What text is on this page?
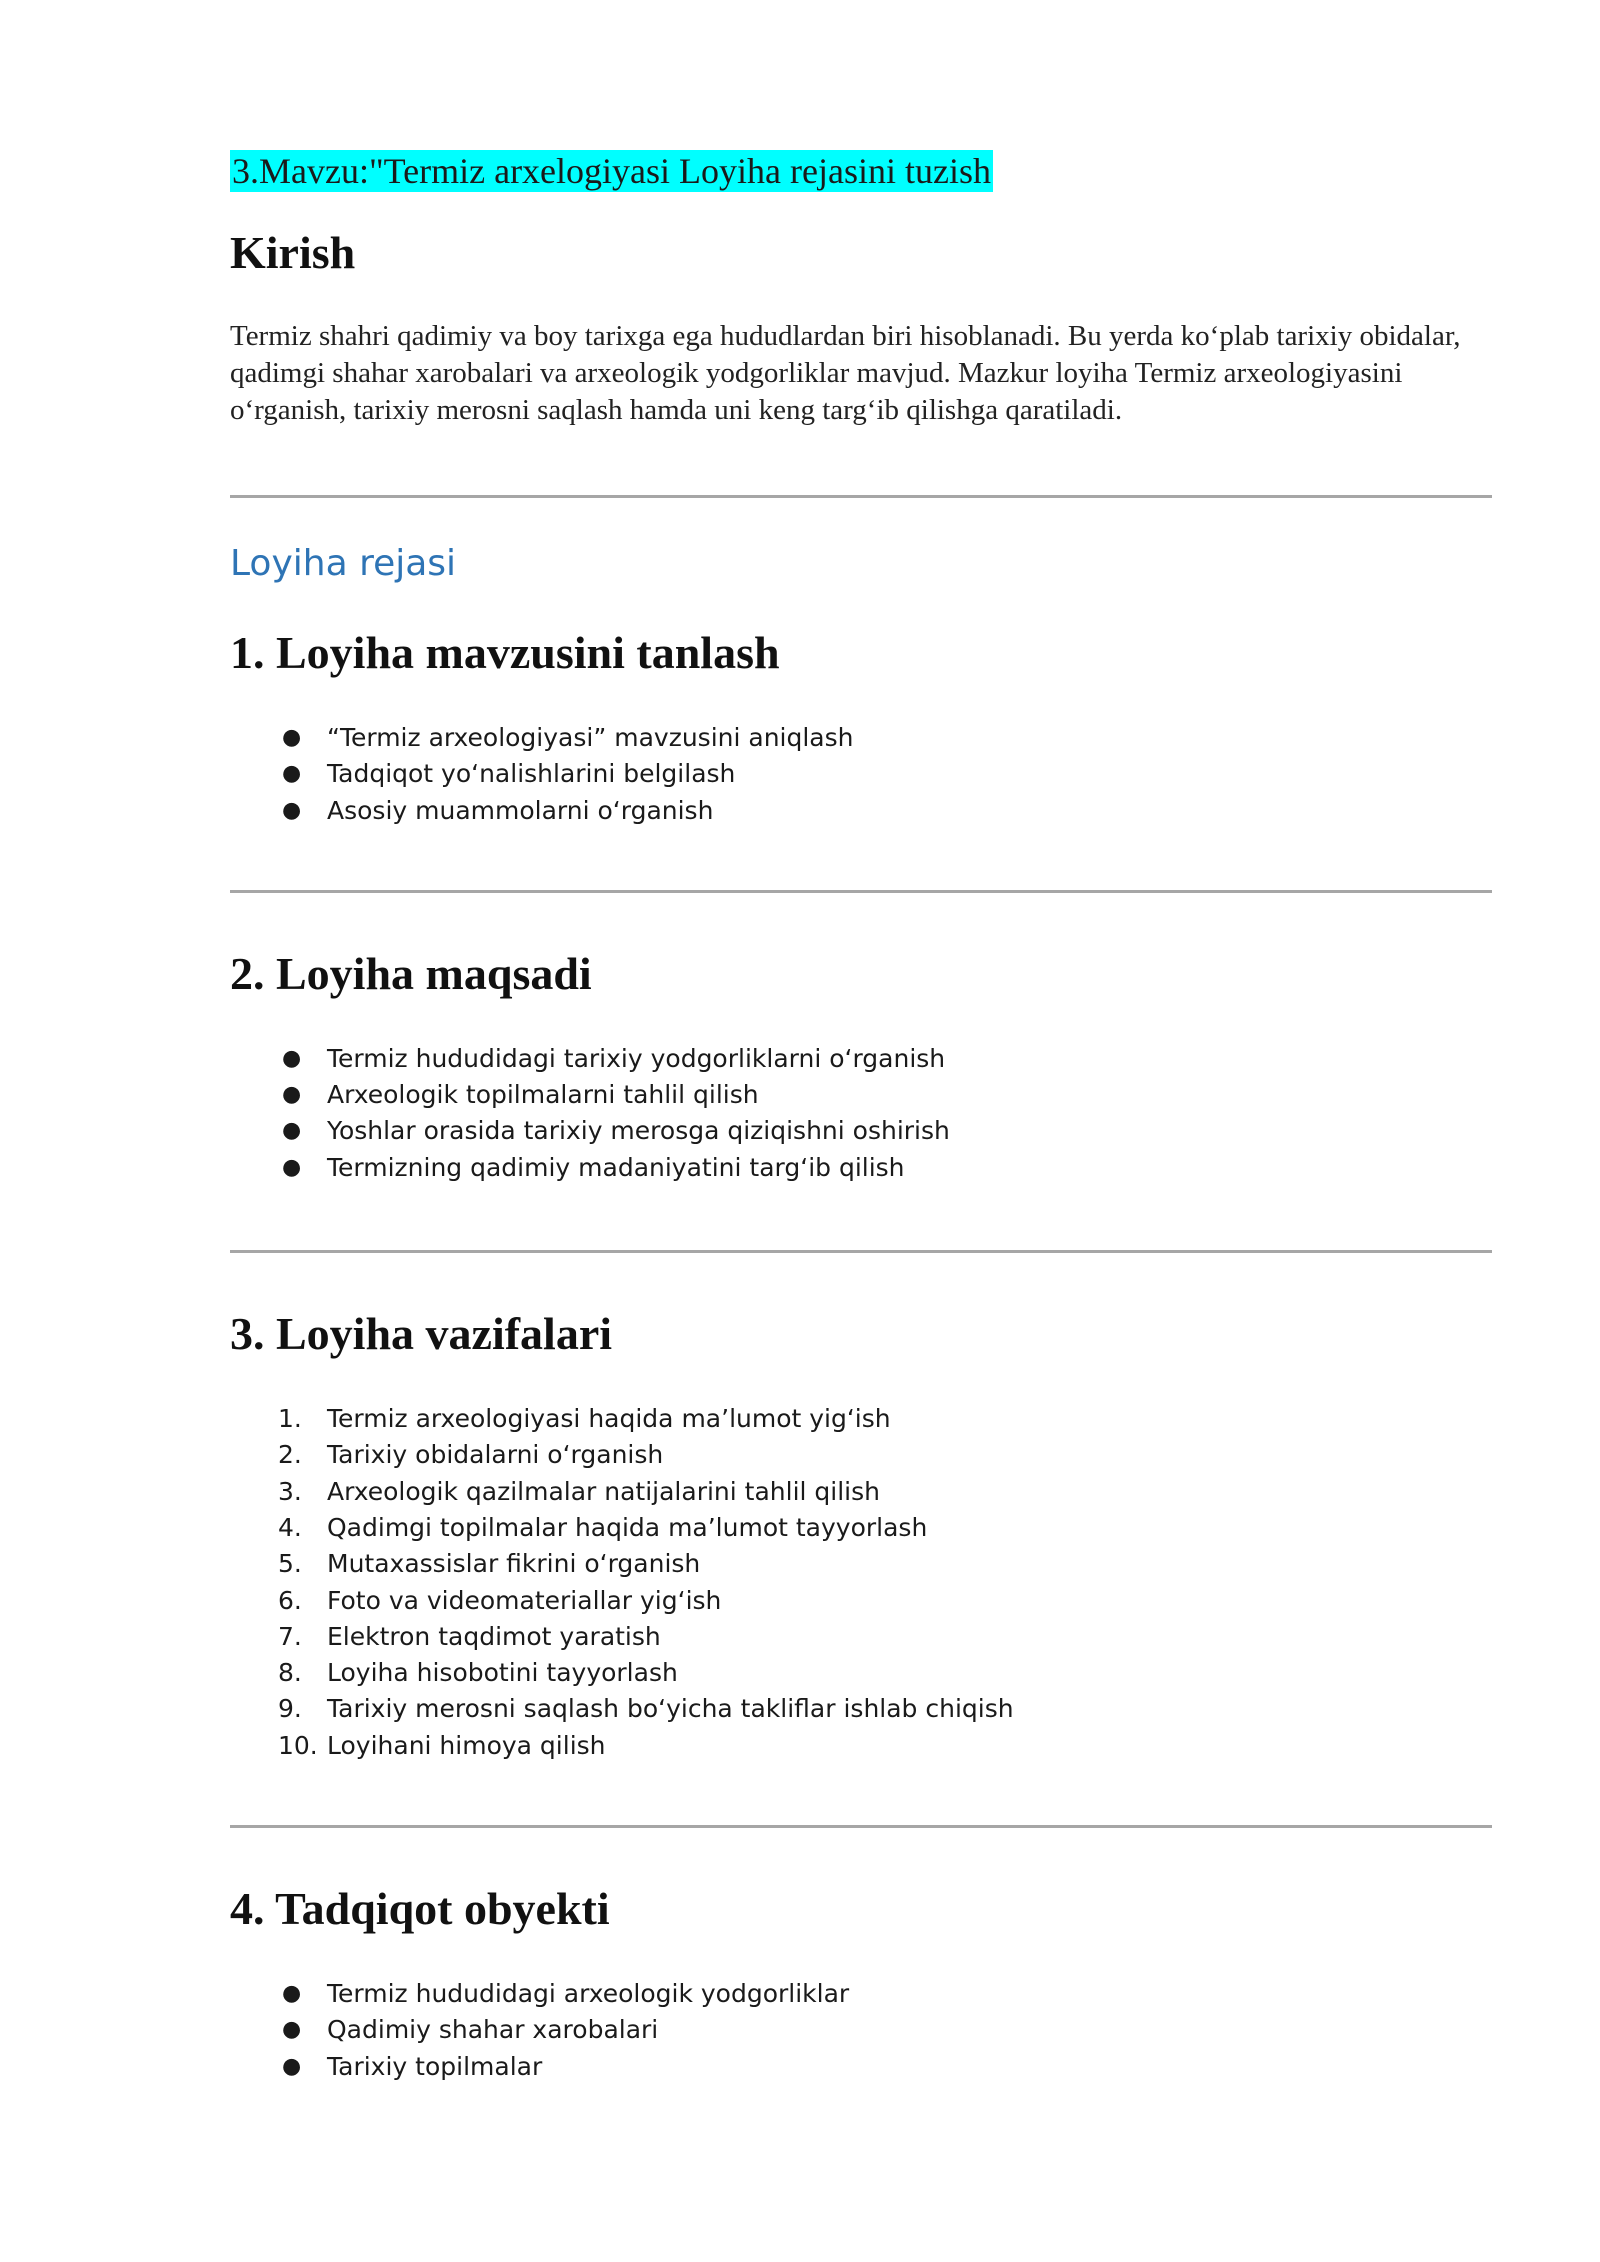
3.Mavzu:"Termiz arxelogiyasi Loyiha rejasini tuzish
Kirish

Termiz shahri qadimiy va boy tarixga ega hududlardan biri hisoblanadi. Bu yerda ko‘plab tarixiy obidalar, qadimgi shahar xarobalari va arxeologik yodgorliklar mavjud. Mazkur loyiha Termiz arxeologiyasini o‘rganish, tarixiy merosni saqlash hamda uni keng targ‘ib qilishga qaratiladi.

Loyiha rejasi
1. Loyiha mavzusini tanlash
● “Termiz arxeologiyasi” mavzusini aniqlash
● Tadqiqot yo‘nalishlarini belgilash
● Asosiy muammolarni o‘rganish
2. Loyiha maqsadi
● Termiz hududidagi tarixiy yodgorliklarni o‘rganish
● Arxeologik topilmalarni tahlil qilish
● Yoshlar orasida tarixiy merosga qiziqishni oshirish
● Termizning qadimiy madaniyatini targ‘ib qilish
3. Loyiha vazifalari
1. Termiz arxeologiyasi haqida ma’lumot yig‘ish
2. Tarixiy obidalarni o‘rganish
3. Arxeologik qazilmalar natijalarini tahlil qilish
4. Qadimgi topilmalar haqida ma’lumot tayyorlash
5. Mutaxassislar fikrini o‘rganish
6. Foto va videomateriallar yig‘ish
7. Elektron taqdimot yaratish
8. Loyiha hisobotini tayyorlash
9. Tarixiy merosni saqlash bo‘yicha takliflar ishlab chiqish
10. Loyihani himoya qilish
4. Tadqiqot obyekti
● Termiz hududidagi arxeologik yodgorliklar
● Qadimiy shahar xarobalari
● Tarixiy topilmalar
